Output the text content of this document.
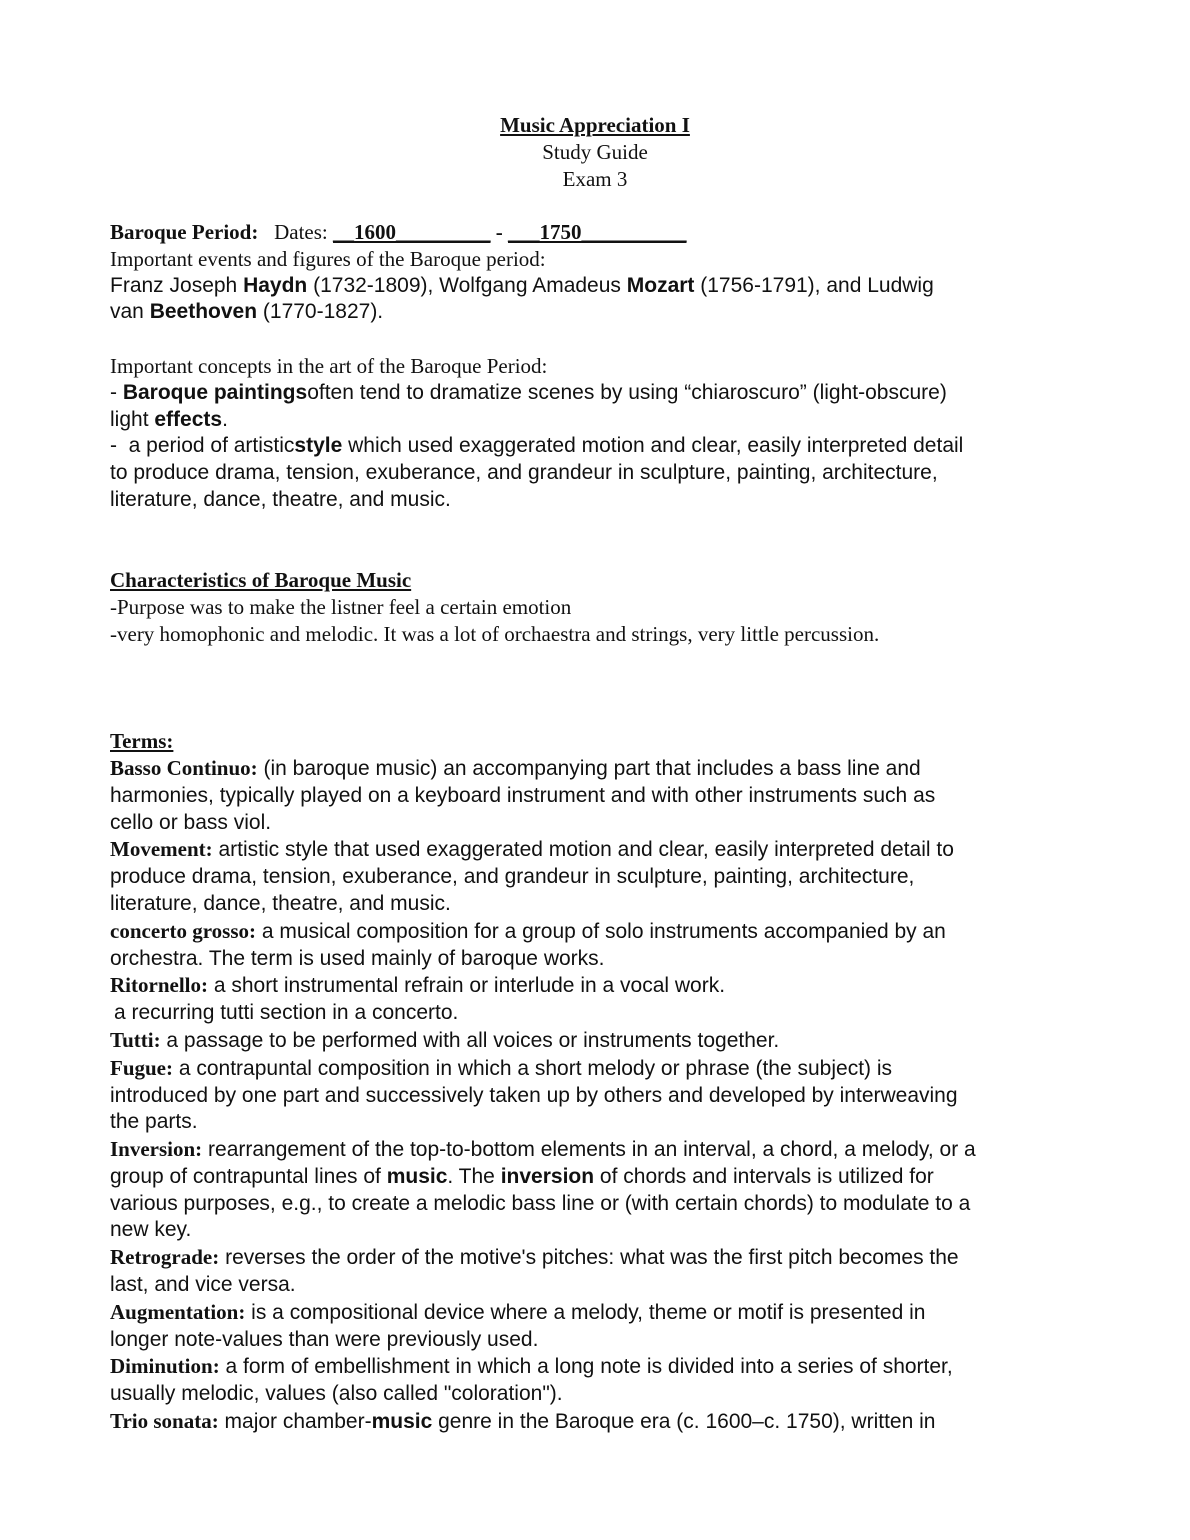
Music Appreciation I
Study Guide
Exam 3
Baroque Period: Dates: __1600_________ - ___1750__________
Important events and figures of the Baroque period:
Franz Joseph Haydn (1732-1809), Wolfgang Amadeus Mozart (1756-1791), and Ludwig
van Beethoven (1770-1827).
Important concepts in the art of the Baroque Period:
- Baroque paintingsoften tend to dramatize scenes by using “chiaroscuro” (light-obscure)
light effects.
-  a period of artisticstyle which used exaggerated motion and clear, easily interpreted detail
to produce drama, tension, exuberance, and grandeur in sculpture, painting, architecture,
literature, dance, theatre, and music.
Characteristics of Baroque Music
-Purpose was to make the listner feel a certain emotion
-very homophonic and melodic. It was a lot of orchaestra and strings, very little percussion.
Terms:
Basso Continuo: (in baroque music) an accompanying part that includes a bass line and
harmonies, typically played on a keyboard instrument and with other instruments such as
cello or bass viol.
Movement: artistic style that used exaggerated motion and clear, easily interpreted detail to
produce drama, tension, exuberance, and grandeur in sculpture, painting, architecture,
literature, dance, theatre, and music.
concerto grosso: a musical composition for a group of solo instruments accompanied by an
orchestra. The term is used mainly of baroque works.
Ritornello: a short instrumental refrain or interlude in a vocal work.
a recurring tutti section in a concerto.
Tutti: a passage to be performed with all voices or instruments together.
Fugue: a contrapuntal composition in which a short melody or phrase (the subject) is
introduced by one part and successively taken up by others and developed by interweaving
the parts.
Inversion: rearrangement of the top-to-bottom elements in an interval, a chord, a melody, or a
group of contrapuntal lines of music. The inversion of chords and intervals is utilized for
various purposes, e.g., to create a melodic bass line or (with certain chords) to modulate to a
new key.
Retrograde: reverses the order of the motive's pitches: what was the first pitch becomes the
last, and vice versa.
Augmentation: is a compositional device where a melody, theme or motif is presented in
longer note-values than were previously used.
Diminution: a form of embellishment in which a long note is divided into a series of shorter,
usually melodic, values (also called "coloration").
Trio sonata: major chamber-music genre in the Baroque era (c. 1600–c. 1750), written in
